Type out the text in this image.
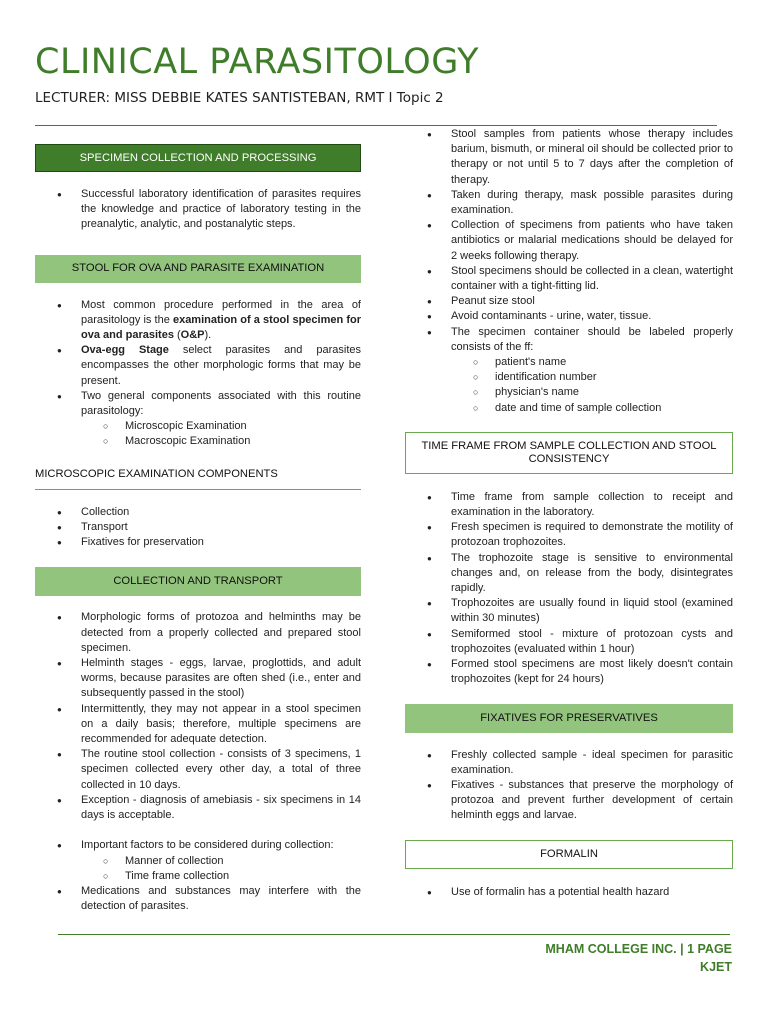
CLINICAL PARASITOLOGY
LECTURER: MISS DEBBIE KATES SANTISTEBAN, RMT I Topic 2
SPECIMEN COLLECTION AND PROCESSING
● Successful laboratory identification of parasites requires the knowledge and practice of laboratory testing in the preanalytic, analytic, and postanalytic steps.
STOOL FOR OVA AND PARASITE EXAMINATION
● Most common procedure performed in the area of parasitology is the examination of a stool specimen for ova and parasites (O&P).
● Ova-egg Stage select parasites and parasites encompasses the other morphologic forms that may be present.
● Two general components associated with this routine parasitology:
○ Microscopic Examination
○ Macroscopic Examination
MICROSCOPIC EXAMINATION COMPONENTS
● Collection
● Transport
● Fixatives for preservation
COLLECTION AND TRANSPORT
● Morphologic forms of protozoa and helminths may be detected from a properly collected and prepared stool specimen.
● Helminth stages - eggs, larvae, proglottids, and adult worms, because parasites are often shed (i.e., enter and subsequently passed in the stool)
● Intermittently, they may not appear in a stool specimen on a daily basis; therefore, multiple specimens are recommended for adequate detection.
● The routine stool collection - consists of 3 specimens, 1 specimen collected every other day, a total of three collected in 10 days.
● Exception - diagnosis of amebiasis - six specimens in 14 days is acceptable.
● Important factors to be considered during collection:
○ Manner of collection
○ Time frame collection
● Medications and substances may interfere with the detection of parasites.
● Stool samples from patients whose therapy includes barium, bismuth, or mineral oil should be collected prior to therapy or not until 5 to 7 days after the completion of therapy.
● Taken during therapy, mask possible parasites during examination.
● Collection of specimens from patients who have taken antibiotics or malarial medications should be delayed for 2 weeks following therapy.
● Stool specimens should be collected in a clean, watertight container with a tight-fitting lid.
● Peanut size stool
● Avoid contaminants - urine, water, tissue.
● The specimen container should be labeled properly consists of the ff:
○ patient's name
○ identification number
○ physician's name
○ date and time of sample collection
TIME FRAME FROM SAMPLE COLLECTION AND STOOL CONSISTENCY
● Time frame from sample collection to receipt and examination in the laboratory.
● Fresh specimen is required to demonstrate the motility of protozoan trophozoites.
● The trophozoite stage is sensitive to environmental changes and, on release from the body, disintegrates rapidly.
● Trophozoites are usually found in liquid stool (examined within 30 minutes)
● Semiformed stool - mixture of protozoan cysts and trophozoites (evaluated within 1 hour)
● Formed stool specimens are most likely doesn't contain trophozoites (kept for 24 hours)
FIXATIVES FOR PRESERVATIVES
● Freshly collected sample - ideal specimen for parasitic examination.
● Fixatives - substances that preserve the morphology of protozoa and prevent further development of certain helminth eggs and larvae.
FORMALIN
● Use of formalin has a potential health hazard
MHAM COLLEGE INC. | 1 PAGE
KJET
